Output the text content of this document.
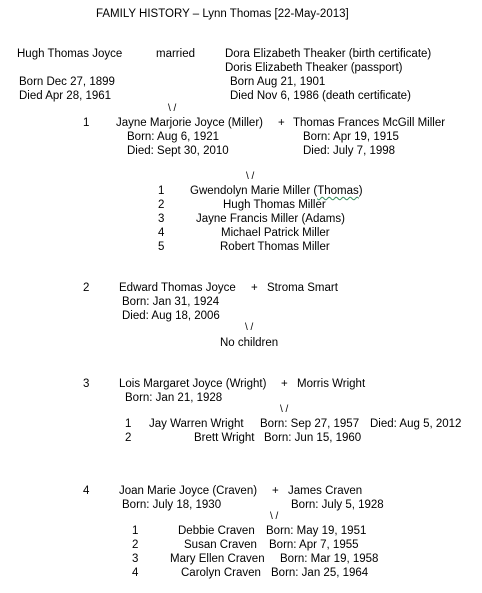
FAMILY HISTORY – Lynn Thomas [22-May-2013]
Hugh Thomas Joyce	married	Dora Elizabeth Theaker (birth certificate)
Doris Elizabeth Theaker (passport)
Born Dec 27, 1899	Born Aug 21, 1901
Died Apr 28, 1961	Died Nov 6, 1986 (death certificate)
\ /
1 Jayne Marjorie Joyce (Miller) + Thomas Frances McGill Miller
Born: Aug 6, 1921	Born: Apr 19, 1915
Died: Sept 30, 2010	Died: July 7, 1998
\ /
1 Gwendolyn Marie Miller (Thomas)
2	Hugh Thomas Miller
3	Jayne Francis Miller (Adams)
4	Michael Patrick Miller
5	Robert Thomas Miller
2	Edward Thomas Joyce + Stroma Smart
Born: Jan 31, 1924
Died: Aug 18, 2006
\ /
No children
3	Lois Margaret Joyce (Wright) + Morris Wright
Born: Jan 21, 1928
\ /
1 Jay Warren Wright Born: Sep 27, 1957 Died: Aug 5, 2012
2	Brett Wright Born: Jun 15, 1960
4	Joan Marie Joyce (Craven) + James Craven
Born: July 18, 1930	Born: July 5, 1928
\ /
1	Debbie Craven Born: May 19, 1951
2	Susan Craven Born: Apr 7, 1955
3	Mary Ellen Craven Born: Mar 19, 1958
4	Carolyn Craven Born: Jan 25, 1964
